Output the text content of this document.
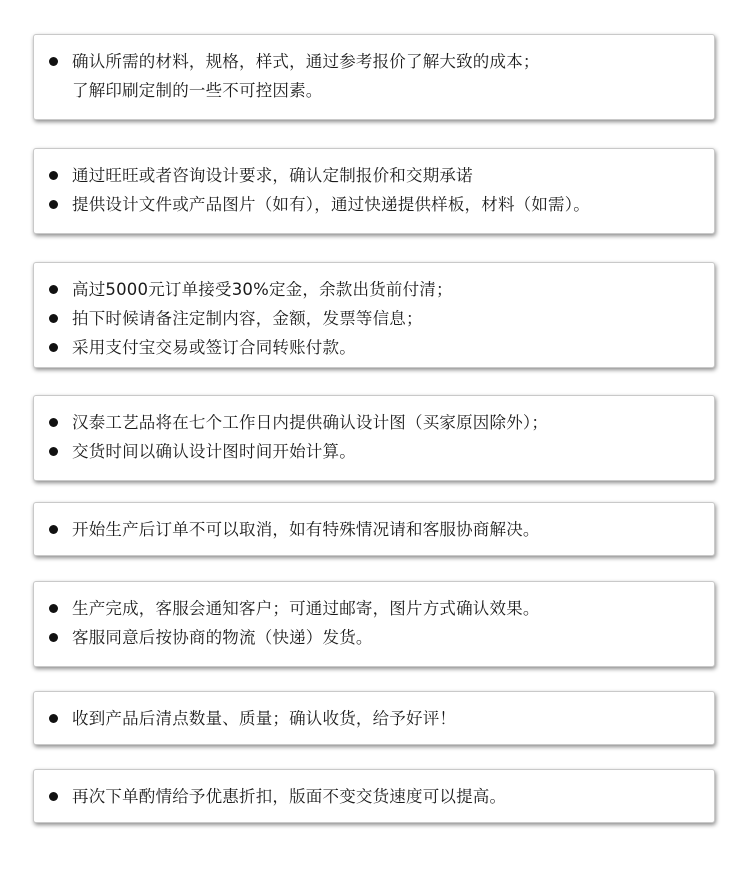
确认所需的材料，规格，样式，通过参考报价了解大致的成本；
了解印刷定制的一些不可控因素。
通过旺旺或者咨询设计要求，确认定制报价和交期承诺
提供设计文件或产品图片（如有），通过快递提供样板，材料（如需）。
高过5000元订单接受30%定金，余款出货前付清；
拍下时候请备注定制内容，金额，发票等信息；
采用支付宝交易或签订合同转账付款。
汉泰工艺品将在七个工作日内提供确认设计图（买家原因除外）；
交货时间以确认设计图时间开始计算。
开始生产后订单不可以取消，如有特殊情况请和客服协商解决。
生产完成，客服会通知客户；可通过邮寄，图片方式确认效果。
客服同意后按协商的物流（快递）发货。
收到产品后清点数量、质量；确认收货，给予好评！
再次下单酌情给予优惠折扣，版面不变交货速度可以提高。
